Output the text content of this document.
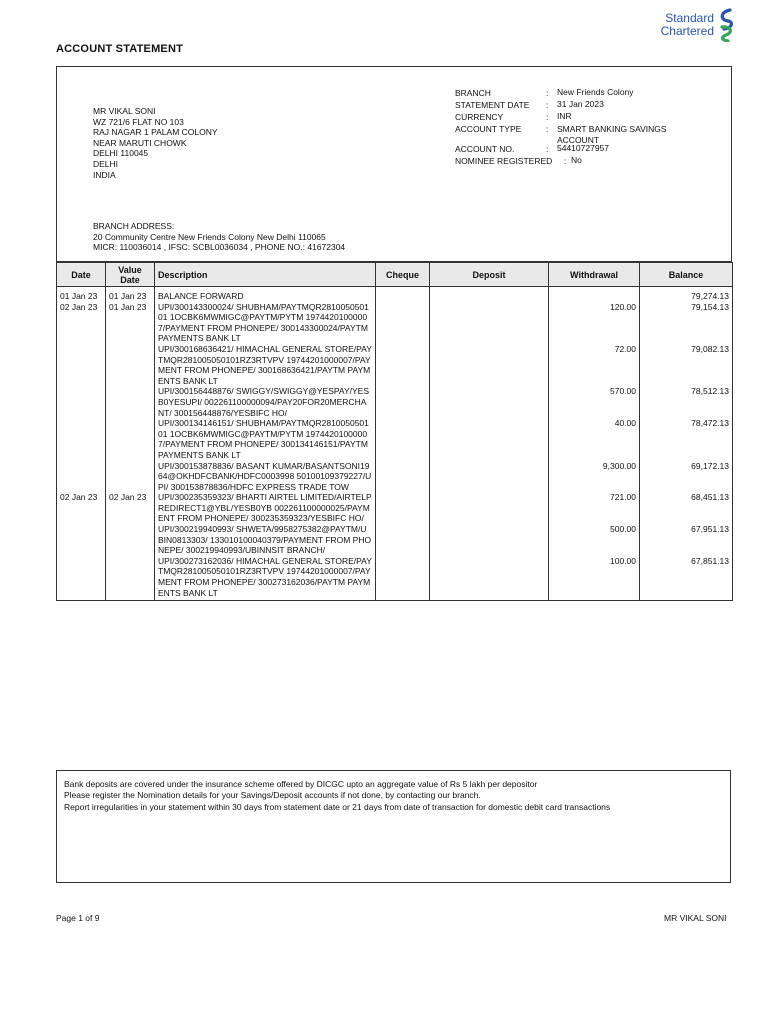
ACCOUNT STATEMENT
Standard
Chartered
MR VIKAL SONI
WZ 721/6 FLAT NO 103
RAJ NAGAR 1 PALAM COLONY
NEAR MARUTI CHOWK
DELHI 110045
DELHI
INDIA
BRANCH	: New Friends Colony
STATEMENT DATE : 31 Jan 2023
CURRENCY	: INR
ACCOUNT TYPE	: SMART BANKING SAVINGS ACCOUNT
ACCOUNT NO.	: 54410727957
NOMINEE REGISTERED : No
BRANCH ADDRESS:
20 Community Centre New Friends Colony New Delhi 110065
MICR: 110036014 , IFSC: SCBL0036034 , PHONE NO.: 41672304
Date	Value Date	Description	Cheque	Deposit	Withdrawal	Balance
01 Jan 23	01 Jan 23	BALANCE FORWARD				79,274.13
02 Jan 23	01 Jan 23	UPI/300143300024/ SHUBHAM/PAYTMQR281005050101 1OCBK6MWMIGC@PAYTM/PYTM 19744201000007/PAYMENT FROM PHONEPE/ 300143300024/PAYTM PAYMENTS BANK LT			120.00	79,154.13
		UPI/300168636421/ HIMACHAL GENERAL STORE/PAYTMQR281005050101RZ3RTVPV 19744201000007/PAYMENT FROM PHONEPE/ 300168636421/PAYTM PAYMENTS BANK LT			72.00	79,082.13
		UPI/300156448876/ SWIGGY/SWIGGY@YESPAY/YESB0YESUPI/ 002261100000094/PAY20FOR20MERCHANT/ 300156448876/YESBIFC HO/			570.00	78,512.13
		UPI/300134146151/ SHUBHAM/PAYTMQR281005050101 1OCBK6MWMIGC@PAYTM/PYTM 19744201000007/PAYMENT FROM PHONEPE/ 300134146151/PAYTM PAYMENTS BANK LT			40.00	78,472.13
		UPI/300153878836/ BASANT KUMAR/BASANTSONI1964@OKHDFCBANK/HDFC0003998 50100109379227/UPI/ 300153878836/HDFC EXPRESS TRADE TOW			9,300.00	69,172.13
02 Jan 23	02 Jan 23	UPI/300235359323/ BHARTI AIRTEL LIMITED/AIRTELPREDIRECT1@YBL/YESB0YB 002261100000025/PAYMENT FROM PHONEPE/ 300235359323/YESBIFC HO/			721.00	68,451.13
		UPI/300219940993/ SHWETA/9958275382@PAYTM/UBIN0813303/ 133010100040379/PAYMENT FROM PHONEPE/ 300219940993/UBINNSIT BRANCH/			500.00	67,951.13
		UPI/300273162036/ HIMACHAL GENERAL STORE/PAYTMQR281005050101RZ3RTVPV 19744201000007/PAYMENT FROM PHONEPE/ 300273162036/PAYTM PAYMENTS BANK LT			100.00	67,851.13
Bank deposits are covered under the insurance scheme offered by DICGC upto an aggregate value of Rs 5 lakh per depositor
Please register the Nomination details for your Savings/Deposit accounts if not done, by contacting our branch.
Report irregularities in your statement within 30 days from statement date or 21 days from date of transaction for domestic debit card transactions
Page 1 of 9	MR VIKAL SONI
